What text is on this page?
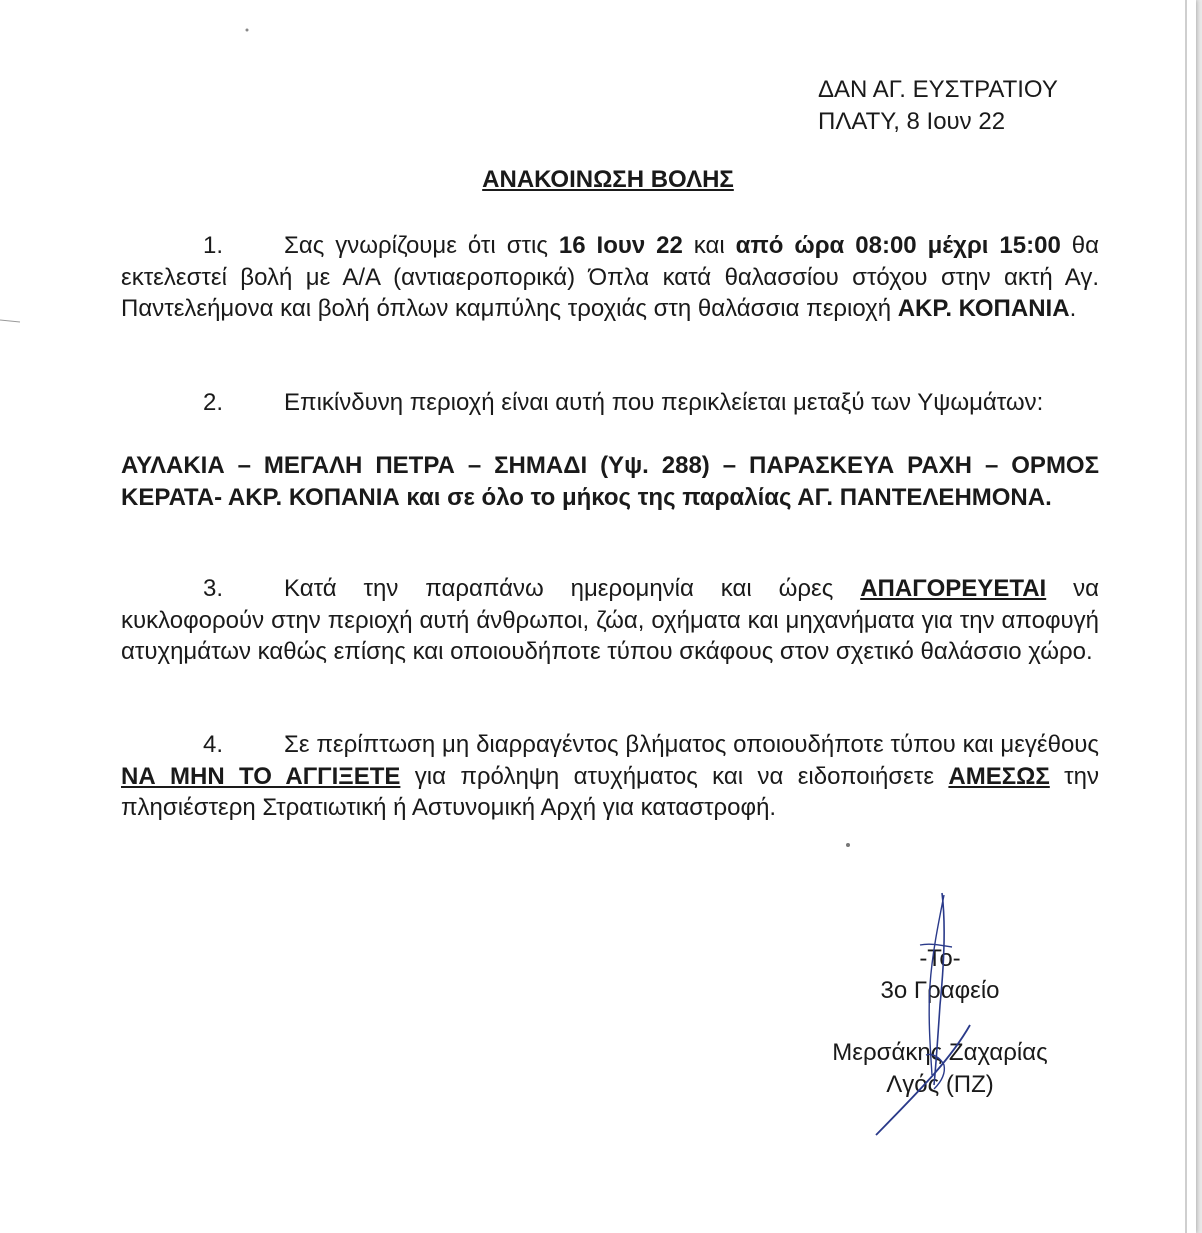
ΔΑΝ ΑΓ. ΕΥΣΤΡΑΤΙΟΥ
ΠΛΑΤΥ, 8 Ιουν 22
ΑΝΑΚΟΙΝΩΣΗ ΒΟΛΗΣ
1.	Σας γνωρίζουμε ότι στις 16 Ιουν 22 και από ώρα 08:00 μέχρι 15:00 θα εκτελεστεί βολή με Α/Α (αντιαεροπορικά) Όπλα κατά θαλασσίου στόχου στην ακτή Αγ. Παντελεήμονα και βολή όπλων καμπύλης τροχιάς στη θαλάσσια περιοχή ΑΚΡ. ΚΟΠΑΝΙΑ.
2.	Επικίνδυνη περιοχή είναι αυτή που περικλείεται μεταξύ των Υψωμάτων:
ΑΥΛΑΚΙΑ – ΜΕΓΑΛΗ ΠΕΤΡΑ – ΣΗΜΑΔΙ (Υψ. 288) – ΠΑΡΑΣΚΕΥΑ ΡΑΧΗ – ΟΡΜΟΣ ΚΕΡΑΤΑ- ΑΚΡ. ΚΟΠΑΝΙΑ και σε όλο το μήκος της παραλίας ΑΓ. ΠΑΝΤΕΛΕΗΜΟΝΑ.
3.	Κατά την παραπάνω ημερομηνία και ώρες ΑΠΑΓΟΡΕΥΕΤΑΙ να κυκλοφορούν στην περιοχή αυτή άνθρωποι, ζώα, οχήματα και μηχανήματα για την αποφυγή ατυχημάτων καθώς επίσης και οποιουδήποτε τύπου σκάφους στον σχετικό θαλάσσιο χώρο.
4.	Σε περίπτωση μη διαρραγέντος βλήματος οποιουδήποτε τύπου και μεγέθους ΝΑ ΜΗΝ ΤΟ ΑΓΓΙΞΕΤΕ για πρόληψη ατυχήματος και να ειδοποιήσετε ΑΜΕΣΩΣ την πλησιέστερη Στρατιωτική ή Αστυνομική Αρχή για καταστροφή.
-Το-
3ο Γραφείο
Μερσάκης Ζαχαρίας
Λγός (ΠΖ)
